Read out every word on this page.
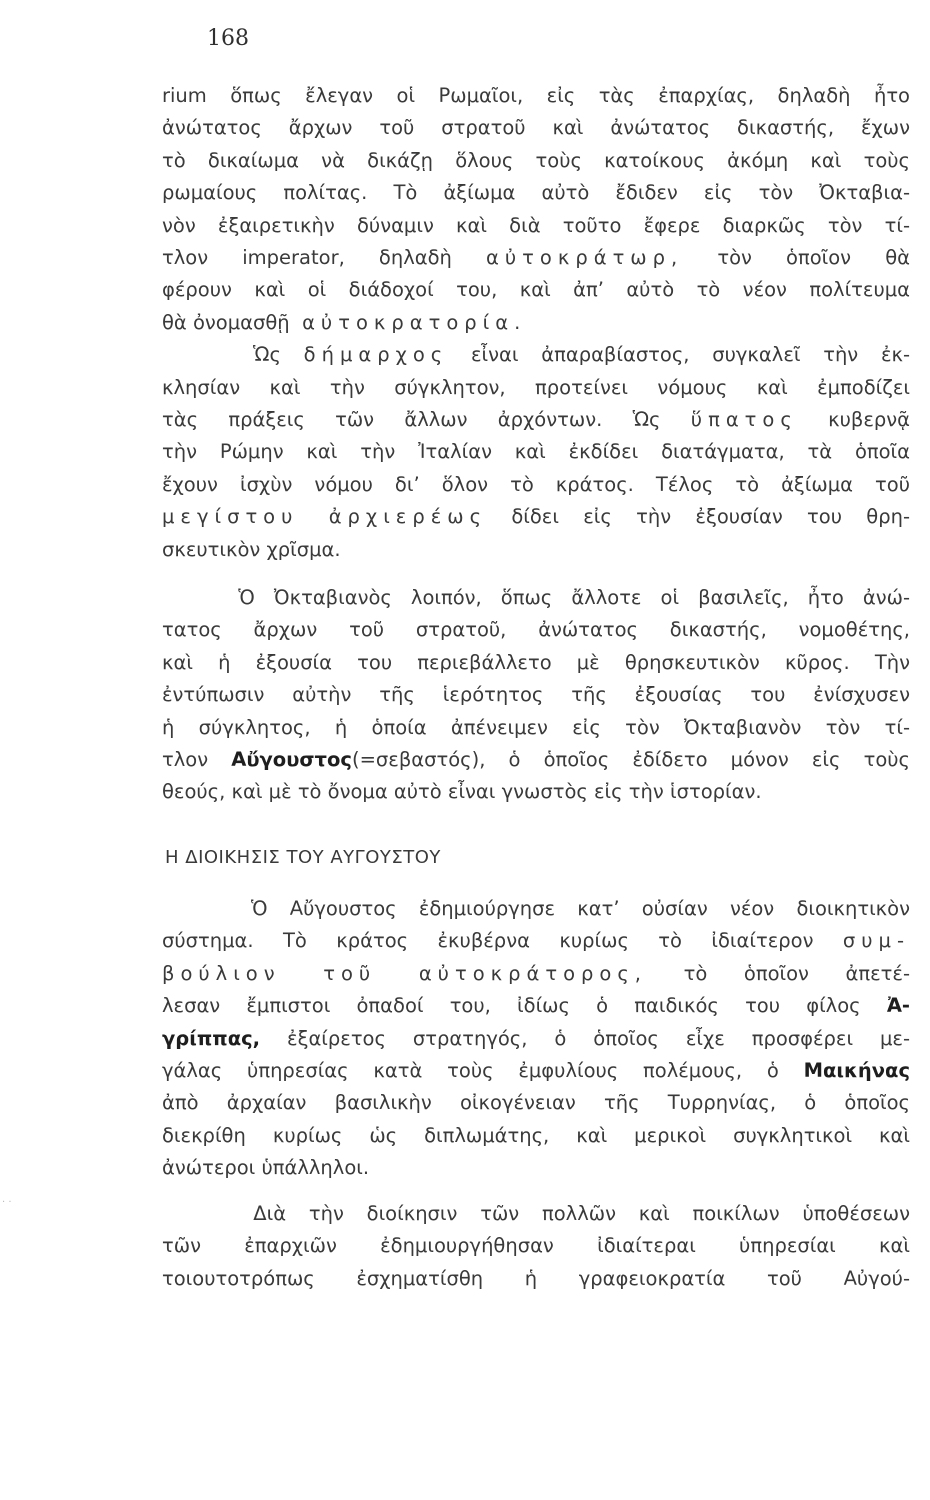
168
rium ὅπως ἔλεγαν οἱ Ρωμαῖοι, εἰς τὰς ἐπαρχίας, δηλαδὴ ἦτο
ἀνώτατος ἄρχων τοῦ στρατοῦ καὶ ἀνώτατος δικαστής, ἔχων
τὸ δικαίωμα νὰ δικάζῃ ὅλους τοὺς κατοίκους ἀκόμη καὶ τοὺς
ρωμαίους πολίτας. Τὸ ἀξίωμα αὐτὸ ἔδιδεν εἰς τὸν Ὀκταβια-
νὸν ἐξαιρετικὴν δύναμιν καὶ διὰ τοῦτο ἔφερε διαρκῶς τὸν τί-
τλον imperator, δηλαδὴ αὐτοκράτωρ, τὸν ὁποῖον θὰ
φέρουν καὶ οἱ διάδοχοί του, καὶ ἀπ’ αὐτὸ τὸ νέον πολίτευμα
θὰ ὀνομασθῇ αὐτοκρατορία.
Ὡς δήμαρχος εἶναι ἀπαραβίαστος, συγκαλεῖ τὴν ἐκ-
κλησίαν καὶ τὴν σύγκλητον, προτείνει νόμους καὶ ἐμποδίζει
τὰς πράξεις τῶν ἄλλων ἀρχόντων. Ὡς ὕπατος κυβερνᾷ
τὴν Ρώμην καὶ τὴν Ἰταλίαν καὶ ἐκδίδει διατάγματα, τὰ ὁποῖα
ἔχουν ἰσχὺν νόμου δι’ ὅλον τὸ κράτος. Τέλος τὸ ἀξίωμα τοῦ
μεγίστου ἀρχιερέως δίδει εἰς τὴν ἐξουσίαν του θρη-
σκευτικὸν χρῖσμα.
Ὁ Ὀκταβιανὸς λοιπόν, ὅπως ἄλλοτε οἱ βασιλεῖς, ἦτο ἀνώ-
τατος ἄρχων τοῦ στρατοῦ, ἀνώτατος δικαστής, νομοθέτης,
καὶ ἡ ἐξουσία του περιεβάλλετο μὲ θρησκευτικὸν κῦρος. Τὴν
ἐντύπωσιν αὐτὴν τῆς ἱερότητος τῆς ἐξουσίας του ἐνίσχυσεν
ἡ σύγκλητος, ἡ ὁποία ἀπένειμεν εἰς τὸν Ὀκταβιανὸν τὸν τί-
τλον Αὔγουστος(=σεβαστός), ὁ ὁποῖος ἐδίδετο μόνον εἰς τοὺς
θεούς, καὶ μὲ τὸ ὄνομα αὐτὸ εἶναι γνωστὸς εἰς τὴν ἱστορίαν.
Η ΔΙΟΙΚΗΣΙΣ ΤΟΥ ΑΥΓΟΥΣΤΟΥ
Ὁ Αὔγουστος ἐδημιούργησε κατ’ οὐσίαν νέον διοικητικὸν
σύστημα. Τὸ κράτος ἐκυβέρνα κυρίως τὸ ἰδιαίτερον συμ-
βούλιον τοῦ αὐτοκράτορος, τὸ ὁποῖον ἀπετέ-
λεσαν ἔμπιστοι ὀπαδοί του, ἰδίως ὁ παιδικός του φίλος Ἀ-
γρίππας, ἐξαίρετος στρατηγός, ὁ ὁποῖος εἶχε προσφέρει με-
γάλας ὑπηρεσίας κατὰ τοὺς ἐμφυλίους πολέμους, ὁ Μαικήνας
ἀπὸ ἀρχαίαν βασιλικὴν οἰκογένειαν τῆς Τυρρηνίας, ὁ ὁποῖος
διεκρίθη κυρίως ὡς διπλωμάτης, καὶ μερικοὶ συγκλητικοὶ καὶ
ἀνώτεροι ὑπάλληλοι.
Διὰ τὴν διοίκησιν τῶν πολλῶν καὶ ποικίλων ὑποθέσεων
τῶν ἐπαρχιῶν ἐδημιουργήθησαν ἰδιαίτεραι ὑπηρεσίαι καὶ
τοιουτοτρόπως ἐσχηματίσθη ἡ γραφειοκρατία τοῦ Αὐγού-
· ·
